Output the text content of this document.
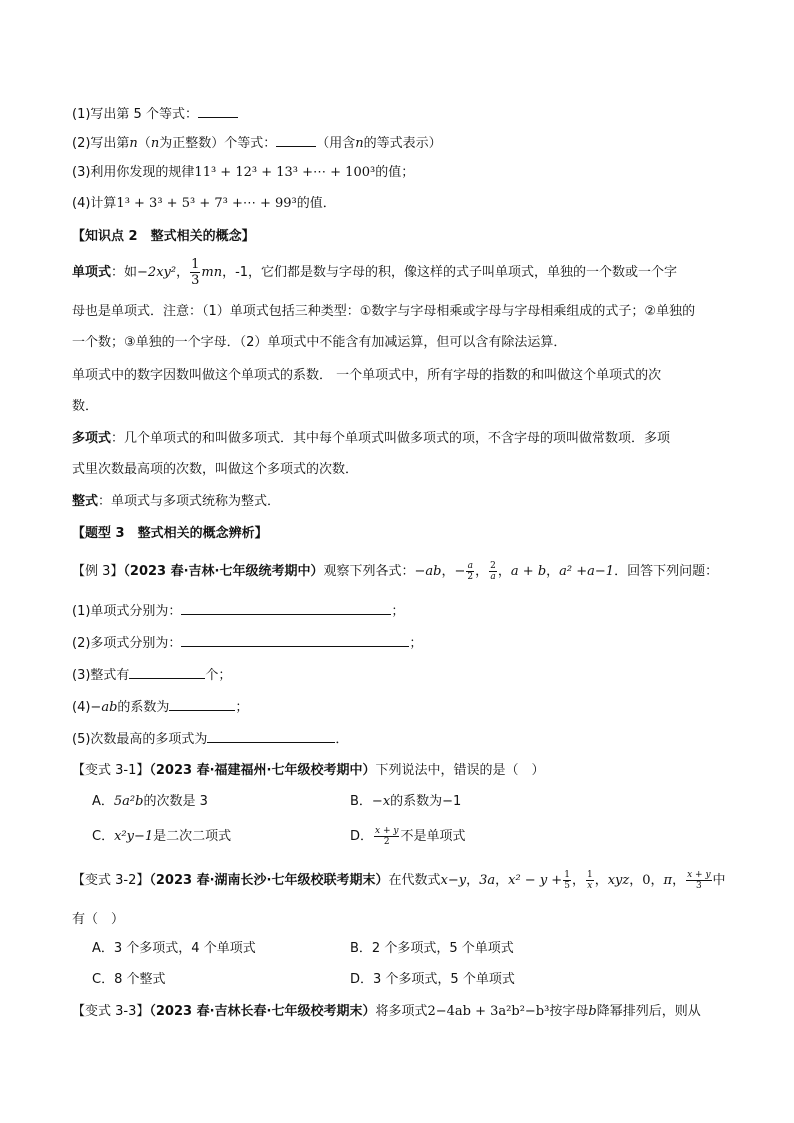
(1)写出第 5 个等式：
(2)写出第n（n为正整数）个等式：	（用含n的等式表示）
(3)利用你发现的规律11³ + 12³ + 13³ +⋯ + 100³的值；
(4)计算1³ + 3³ + 5³ + 7³ +⋯ + 99³的值．
【知识点 2　整式相关的概念】
单项式：如−2xy²， $\frac{1}{3}$ mn，-1，它们都是数与字母的积，像这样的式子叫单项式，单独的一个数或一个字
母也是单项式．注意：（1）单项式包括三种类型：①数字与字母相乘或字母与字母相乘组成的式子；②单独的
一个数；③单独的一个字母．（2）单项式中不能含有加减运算，但可以含有除法运算．
单项式中的数字因数叫做这个单项式的系数． 一个单项式中，所有字母的指数的和叫做这个单项式的次
数．
多项式：几个单项式的和叫做多项式．其中每个单项式叫做多项式的项，不含字母的项叫做常数项．多项
式里次数最高项的次数，叫做这个多项式的次数．
整式：单项式与多项式统称为整式．
【题型 3　整式相关的概念辨析】
【例 3】（2023 春·吉林·七年级统考期中）观察下列各式：−ab，− $\frac{a}{2}$ ， $\frac{2}{a}$ ，a + b，a² +a−1．回答下列问题：
(1)单项式分别为：	；
(2)多项式分别为：	；
(3)整式有	个；
(4)−ab的系数为	；
(5)次数最高的多项式为	．
【变式 3-1】（2023 春·福建福州·七年级校考期中）下列说法中，错误的是（　）
A．5a²b的次数是 3	B．−x的系数为−1
C．x²y−1是二次二项式	D． $\frac{x + y}{2}$ 不是单项式
【变式 3-2】（2023 春·湖南长沙·七年级校联考期末）在代数式x−y，3a，$x^2 - y + \frac{1}{5}$ ， $\frac{1}{x}$ ，xyz，0，π， $\frac{x + y}{3}$ 中
有（　）
A．3 个多项式，4 个单项式	B．2 个多项式，5 个单项式
C．8 个整式	D．3 个多项式，5 个单项式
【变式 3-3】（2023 春·吉林长春·七年级校考期末）将多项式2−4ab + 3a²b²−b³按字母b降幂排列后，则从
